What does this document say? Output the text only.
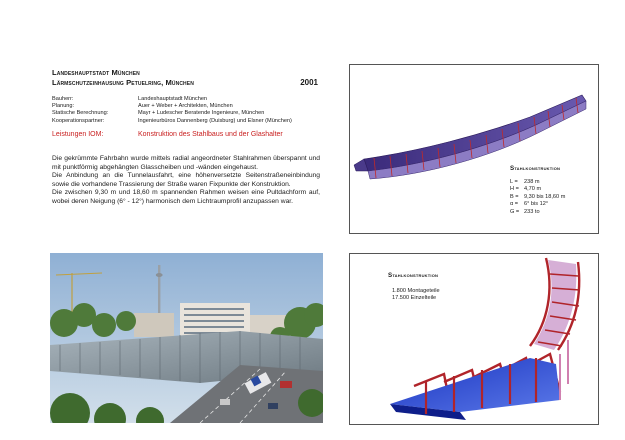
Landeshauptstadt München
Lärmschutzeinhausung Petuelring, München	2001
Bauherr:	Landeshauptstadt München
Planung:	Auer + Weber + Architekten, München
Statische Berechnung:	Mayr + Ludescher Beratende Ingenieure, München
Kooperationspartner:	Ingenieurbüros Dannenberg (Duisburg) und Elsner (München)
Leistungen IOM:	Konstruktion des Stahlbaus und der Glashalter

Die gekrümmte Fahrbahn wurde mittels radial angeordneter Stahlrahmen überspannt und mit punktförmig abgehängten Glasscheiben und -wänden eingehaust.

Die Anbindung an die Tunnelausfahrt, eine höhenversetzte Seitenstraßeneinbindung sowie die vorhandene Trassierung der Straße waren Fixpunkte der Konstruktion.

Die zwischen 9,30 m und 18,60 m spannenden Rahmen weisen eine Pultdachform auf, wobei deren Neigung (6° - 12°) harmonisch dem Lichtraumprofil anzupassen war.

Stahlkonstruktion
L =	238 m
H = 4,70 m
B = 9,30 bis 18,60 m
α =	6° bis 12°
G = 233 to
Stahlkonstruktion
1.800 Montageteile
17.500 Einzelteile
